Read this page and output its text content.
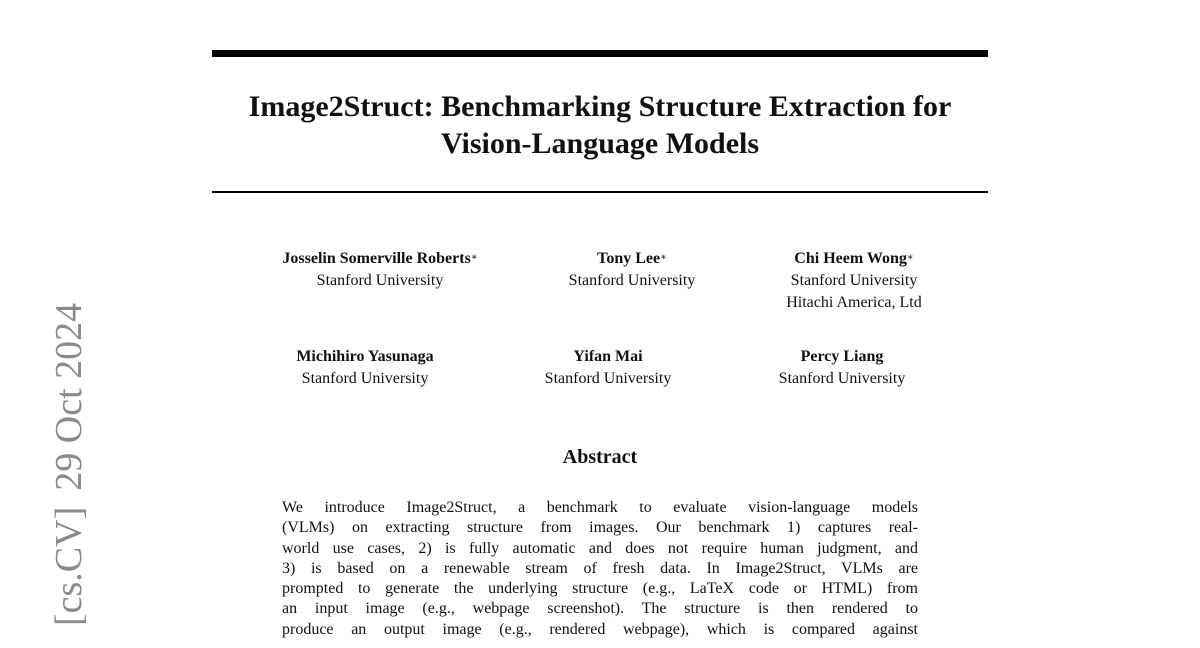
Image2Struct: Benchmarking Structure Extraction for
Vision-Language Models
Josselin Somerville Roberts∗
Stanford University
Tony Lee∗
Stanford University
Chi Heem Wong∗
Stanford University
Hitachi America, Ltd
Michihiro Yasunaga
Stanford University
Yifan Mai
Stanford University
Percy Liang
Stanford University
Abstract

We introduce Image2Struct, a benchmark to evaluate vision-language models
(VLMs) on extracting structure from images. Our benchmark 1) captures real-
world use cases, 2) is fully automatic and does not require human judgment, and
3) is based on a renewable stream of fresh data. In Image2Struct, VLMs are
prompted to generate the underlying structure (e.g., LaTeX code or HTML) from
an input image (e.g., webpage screenshot). The structure is then rendered to
produce an output image (e.g., rendered webpage), which is compared against

[cs.CV]29 Oct 2024
